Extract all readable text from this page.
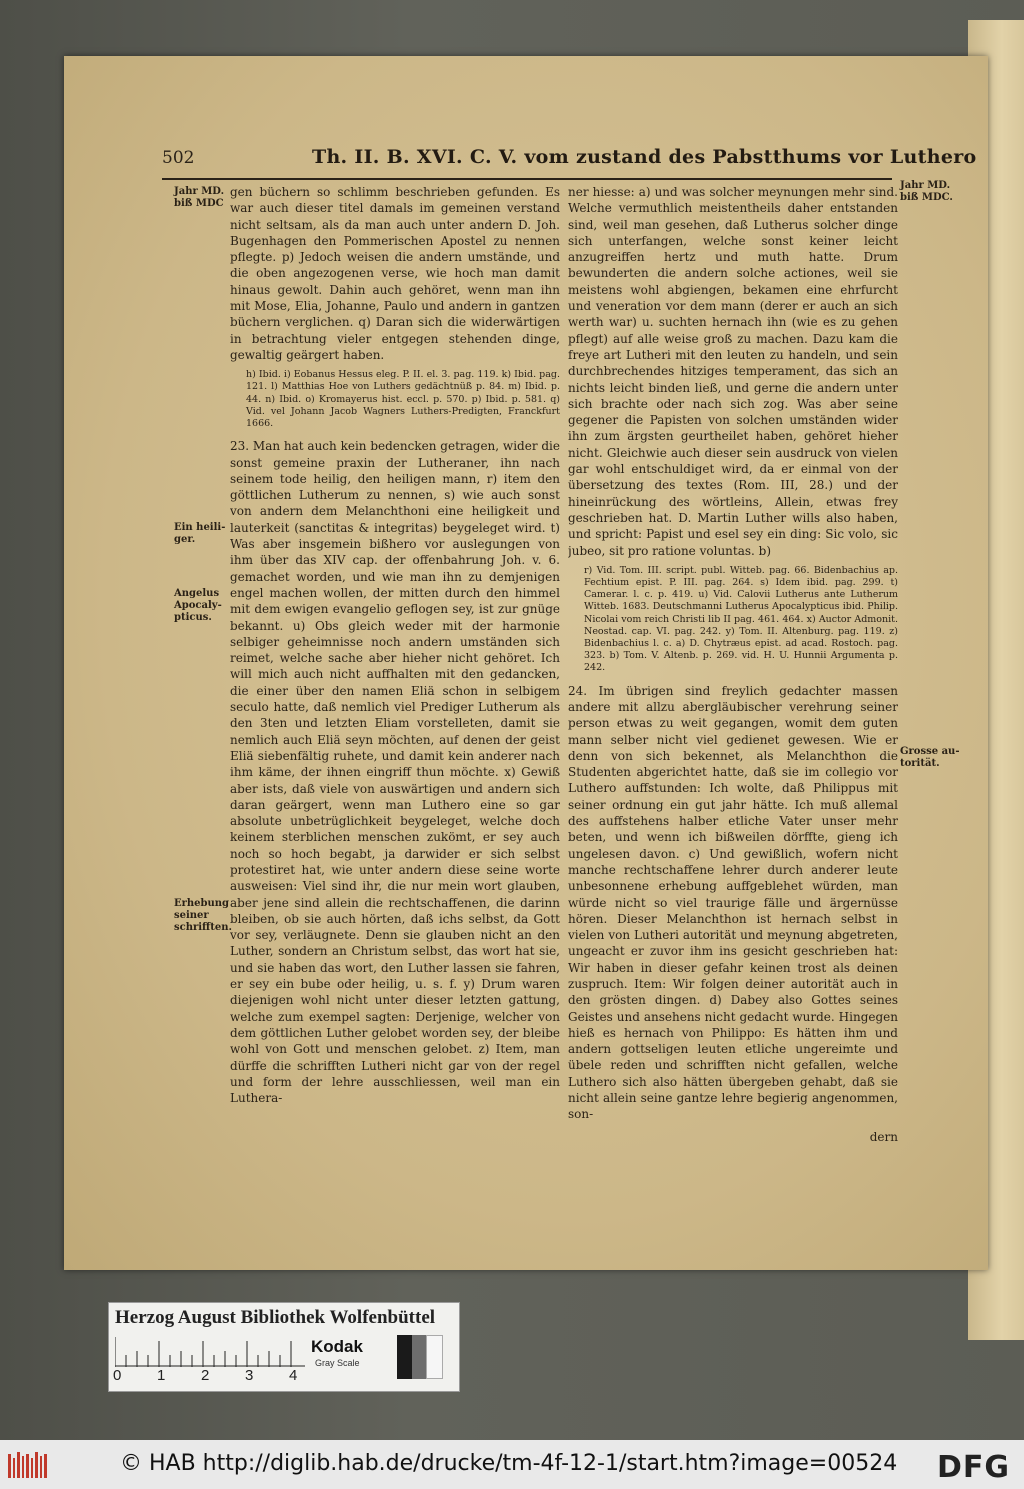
502	Th. II. B. XVI. C. V. vom zustand des Pabstthums vor Luthero
Jahr MD. biß MDC
Ein heili-ger.
Angelus Apocaly-pticus.
Erhebung seiner schrifften.
Jahr MD. biß MDC.
Grosse au-torität.

gen büchern so schlimm beschrieben gefunden. Es war auch dieser titel damals im gemeinen verstand nicht seltsam, als da man auch unter andern D. Joh. Bugenhagen den Pommerischen Apostel zu nennen pflegte. p) Jedoch weisen die andern umstände, und die oben angezogenen verse, wie hoch man damit hinaus gewolt. Dahin auch gehöret, wenn man ihn mit Mose, Elia, Johanne, Paulo und andern in gantzen büchern verglichen. q) Daran sich die widerwärtigen in betrachtung vieler entgegen stehenden dinge, gewaltig geärgert haben.

h) Ibid. i) Eobanus Hessus eleg. P. II. el. 3. pag. 119. k) Ibid. pag. 121. l) Matthias Hoe von Luthers gedächtnüß p. 84. m) Ibid. p. 44. n) Ibid. o) Kromayerus hist. eccl. p. 570. p) Ibid. p. 581. q) Vid. vel Johann Jacob Wagners Luthers-Predigten, Franckfurt 1666.

23. Man hat auch kein bedencken getragen, wider die sonst gemeine praxin der Lutheraner, ihn nach seinem tode heilig, den heiligen mann, r) item den göttlichen Lutherum zu nennen, s) wie auch sonst von andern dem Melanchthoni eine heiligkeit und lauterkeit (sanctitas & integritas) beygeleget wird. t) Was aber insgemein bißhero vor auslegungen von ihm über das XIV cap. der offenbahrung Joh. v. 6. gemachet worden, und wie man ihn zu demjenigen engel machen wollen, der mitten durch den himmel mit dem ewigen evangelio geflogen sey, ist zur gnüge bekannt. u) Obs gleich weder mit der harmonie selbiger geheimnisse noch andern umständen sich reimet, welche sache aber hieher nicht gehöret. Ich will mich auch nicht auffhalten mit den gedancken, die einer über den namen Eliä schon in selbigem seculo hatte, daß nemlich viel Prediger Lutherum als den 3ten und letzten Eliam vorstelleten, damit sie nemlich auch Eliä seyn möchten, auf denen der geist Eliä siebenfältig ruhete, und damit kein anderer nach ihm käme, der ihnen eingriff thun möchte. x) Gewiß aber ists, daß viele von auswärtigen und andern sich daran geärgert, wenn man Luthero eine so gar absolute unbetrüglichkeit beygeleget, welche doch keinem sterblichen menschen zukömt, er sey auch noch so hoch begabt, ja darwider er sich selbst protestiret hat, wie unter andern diese seine worte ausweisen: Viel sind ihr, die nur mein wort glauben, aber jene sind allein die rechtschaffenen, die darinn bleiben, ob sie auch hörten, daß ichs selbst, da Gott vor sey, verläugnete. Denn sie glauben nicht an den Luther, sondern an Christum selbst, das wort hat sie, und sie haben das wort, den Luther lassen sie fahren, er sey ein bube oder heilig, u. s. f. y) Drum waren diejenigen wohl nicht unter dieser letzten gattung, welche zum exempel sagten: Derjenige, welcher von dem göttlichen Luther gelobet worden sey, der bleibe wohl von Gott und menschen gelobet. z) Item, man dürffe die schrifften Lutheri nicht gar von der regel und form der lehre ausschliessen, weil man ein Luthera-

ner hiesse: a) und was solcher meynungen mehr sind. Welche vermuthlich meistentheils daher entstanden sind, weil man gesehen, daß Lutherus solcher dinge sich unterfangen, welche sonst keiner leicht anzugreiffen hertz und muth hatte. Drum bewunderten die andern solche actiones, weil sie meistens wohl abgiengen, bekamen eine ehrfurcht und veneration vor dem mann (derer er auch an sich werth war) u. suchten hernach ihn (wie es zu gehen pflegt) auf alle weise groß zu machen. Dazu kam die freye art Lutheri mit den leuten zu handeln, und sein durchbrechendes hitziges temperament, das sich an nichts leicht binden ließ, und gerne die andern unter sich brachte oder nach sich zog. Was aber seine gegener die Papisten von solchen umständen wider ihn zum ärgsten geurtheilet haben, gehöret hieher nicht. Gleichwie auch dieser sein ausdruck von vielen gar wohl entschuldiget wird, da er einmal von der übersetzung des textes (Rom. III, 28.) und der hineinrückung des wörtleins, Allein, etwas frey geschrieben hat. D. Martin Luther wills also haben, und spricht: Papist und esel sey ein ding: Sic volo, sic jubeo, sit pro ratione voluntas. b)

r) Vid. Tom. III. script. publ. Witteb. pag. 66. Bidenbachius ap. Fechtium epist. P. III. pag. 264. s) Idem ibid. pag. 299. t) Camerar. l. c. p. 419. u) Vid. Calovii Lutherus ante Lutherum Witteb. 1683. Deutschmanni Lutherus Apocalypticus ibid. Philip. Nicolai vom reich Christi lib II pag. 461. 464. x) Auctor Admonit. Neostad. cap. VI. pag. 242. y) Tom. II. Altenburg. pag. 119. z) Bidenbachius l. c. a) D. Chytræus epist. ad acad. Rostoch. pag. 323. b) Tom. V. Altenb. p. 269. vid. H. U. Hunnii Argumenta p. 242.

24. Im übrigen sind freylich gedachter massen andere mit allzu abergläubischer verehrung seiner person etwas zu weit gegangen, womit dem guten mann selber nicht viel gedienet gewesen. Wie er denn von sich bekennet, als Melanchthon die Studenten abgerichtet hatte, daß sie im collegio vor Luthero auffstunden: Ich wolte, daß Philippus mit seiner ordnung ein gut jahr hätte. Ich muß allemal des auffstehens halber etliche Vater unser mehr beten, und wenn ich bißweilen dörffte, gieng ich ungelesen davon. c) Und gewißlich, wofern nicht manche rechtschaffene lehrer durch anderer leute unbesonnene erhebung auffgeblehet würden, man würde nicht so viel traurige fälle und ärgernüsse hören. Dieser Melanchthon ist hernach selbst in vielen von Lutheri autorität und meynung abgetreten, ungeacht er zuvor ihm ins gesicht geschrieben hat: Wir haben in dieser gefahr keinen trost als deinen zuspruch. Item: Wir folgen deiner autorität auch in den grösten dingen. d) Dabey also Gottes seines Geistes und ansehens nicht gedacht wurde. Hingegen hieß es hernach von Philippo: Es hätten ihm und andern gottseligen leuten etliche ungereimte und übele reden und schrifften nicht gefallen, welche Luthero sich also hätten übergeben gehabt, daß sie nicht allein seine gantze lehre begierig angenommen, son-

dern

Herzog August Bibliothek Wolfenbüttel
0 1 2 3 4
Kodak
Gray Scale
© HAB http://diglib.hab.de/drucke/tm-4f-12-1/start.htm?image=00524 DFG
